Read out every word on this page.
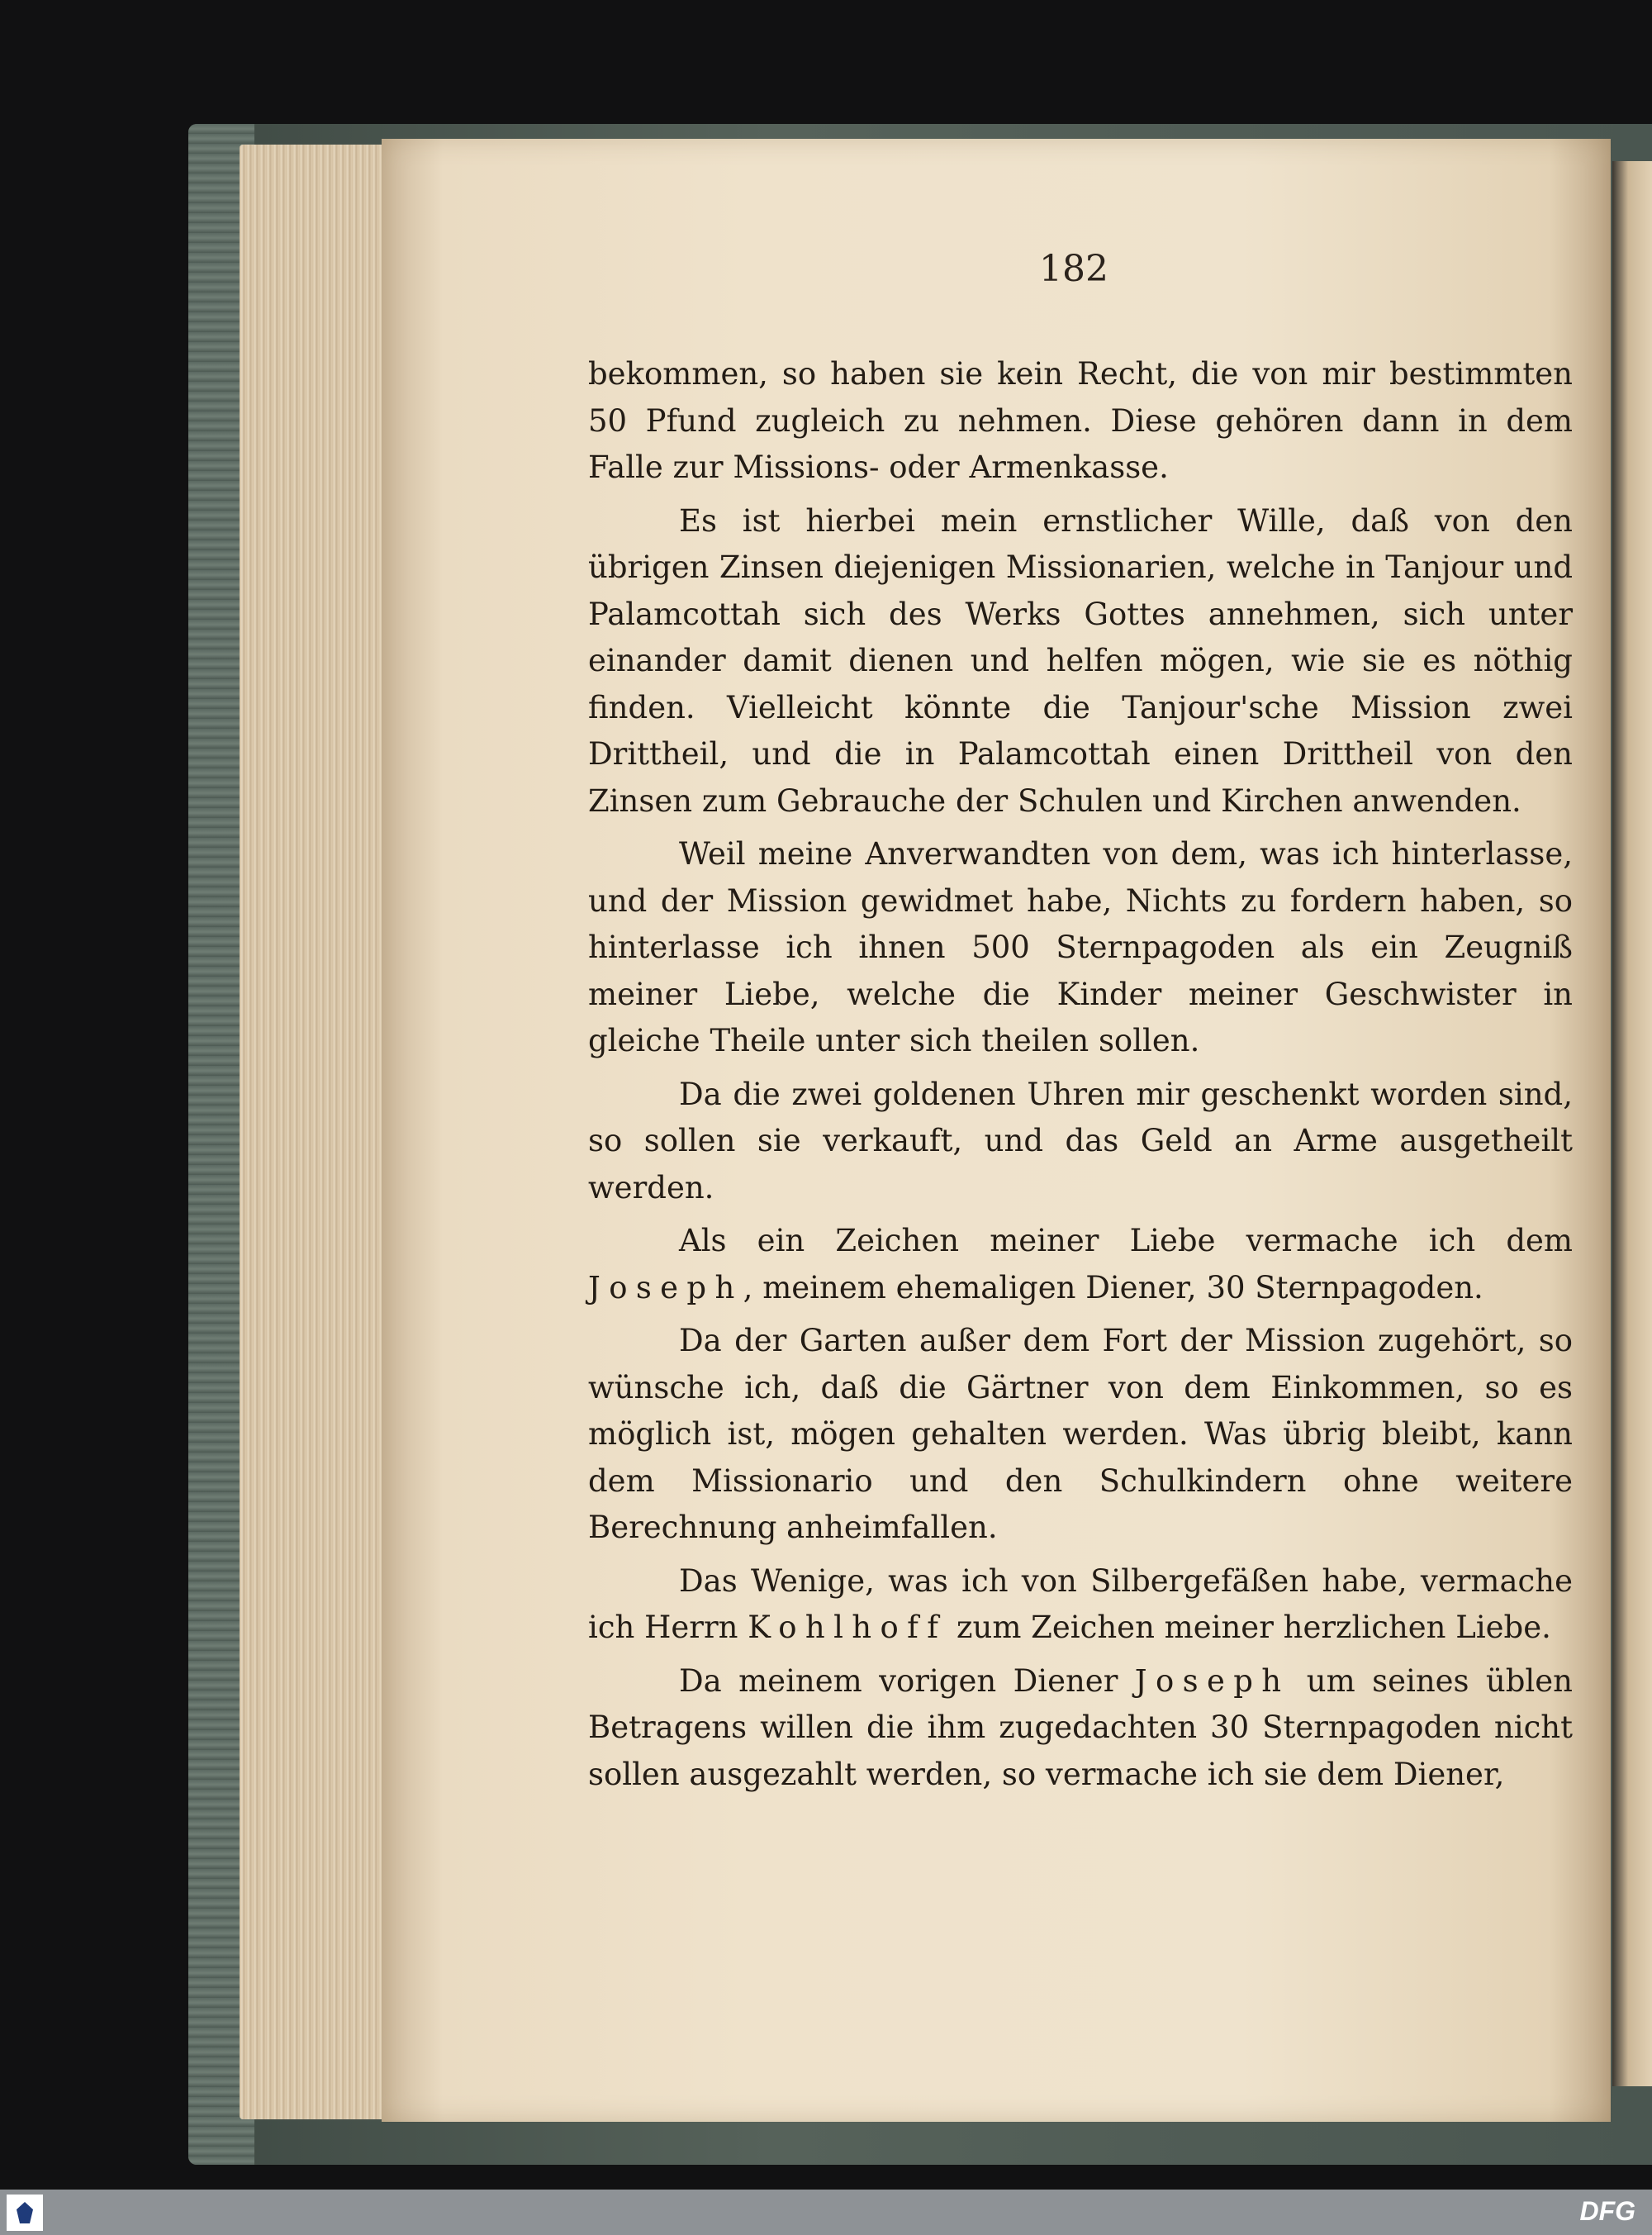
182

bekommen, so haben sie kein Recht, die von mir bestimmten 50 Pfund zugleich zu nehmen. Diese gehören dann in dem Falle zur Missions- oder Armenkasse.

Es ist hierbei mein ernstlicher Wille, daß von den übrigen Zinsen diejenigen Missionarien, welche in Tanjour und Palamcottah sich des Werks Gottes annehmen, sich unter einander damit dienen und helfen mögen, wie sie es nöthig finden. Vielleicht könnte die Tanjour'sche Mission zwei Drittheil, und die in Palamcottah einen Drittheil von den Zinsen zum Gebrauche der Schulen und Kirchen anwenden.

Weil meine Anverwandten von dem, was ich hinterlasse, und der Mission gewidmet habe, Nichts zu fordern haben, so hinterlasse ich ihnen 500 Sternpagoden als ein Zeugniß meiner Liebe, welche die Kinder meiner Geschwister in gleiche Theile unter sich theilen sollen.

Da die zwei goldenen Uhren mir geschenkt worden sind, so sollen sie verkauft, und das Geld an Arme ausgetheilt werden.

Als ein Zeichen meiner Liebe vermache ich dem Joseph, meinem ehemaligen Diener, 30 Sternpagoden.

Da der Garten außer dem Fort der Mission zugehört, so wünsche ich, daß die Gärtner von dem Einkommen, so es möglich ist, mögen gehalten werden. Was übrig bleibt, kann dem Missionario und den Schulkindern ohne weitere Berechnung anheimfallen.

Das Wenige, was ich von Silbergefäßen habe, vermache ich Herrn Kohlhoff zum Zeichen meiner herzlichen Liebe.

Da meinem vorigen Diener Joseph um seines üblen Betragens willen die ihm zugedachten 30 Sternpagoden nicht sollen ausgezahlt werden, so vermache ich sie dem Diener,

DFG
